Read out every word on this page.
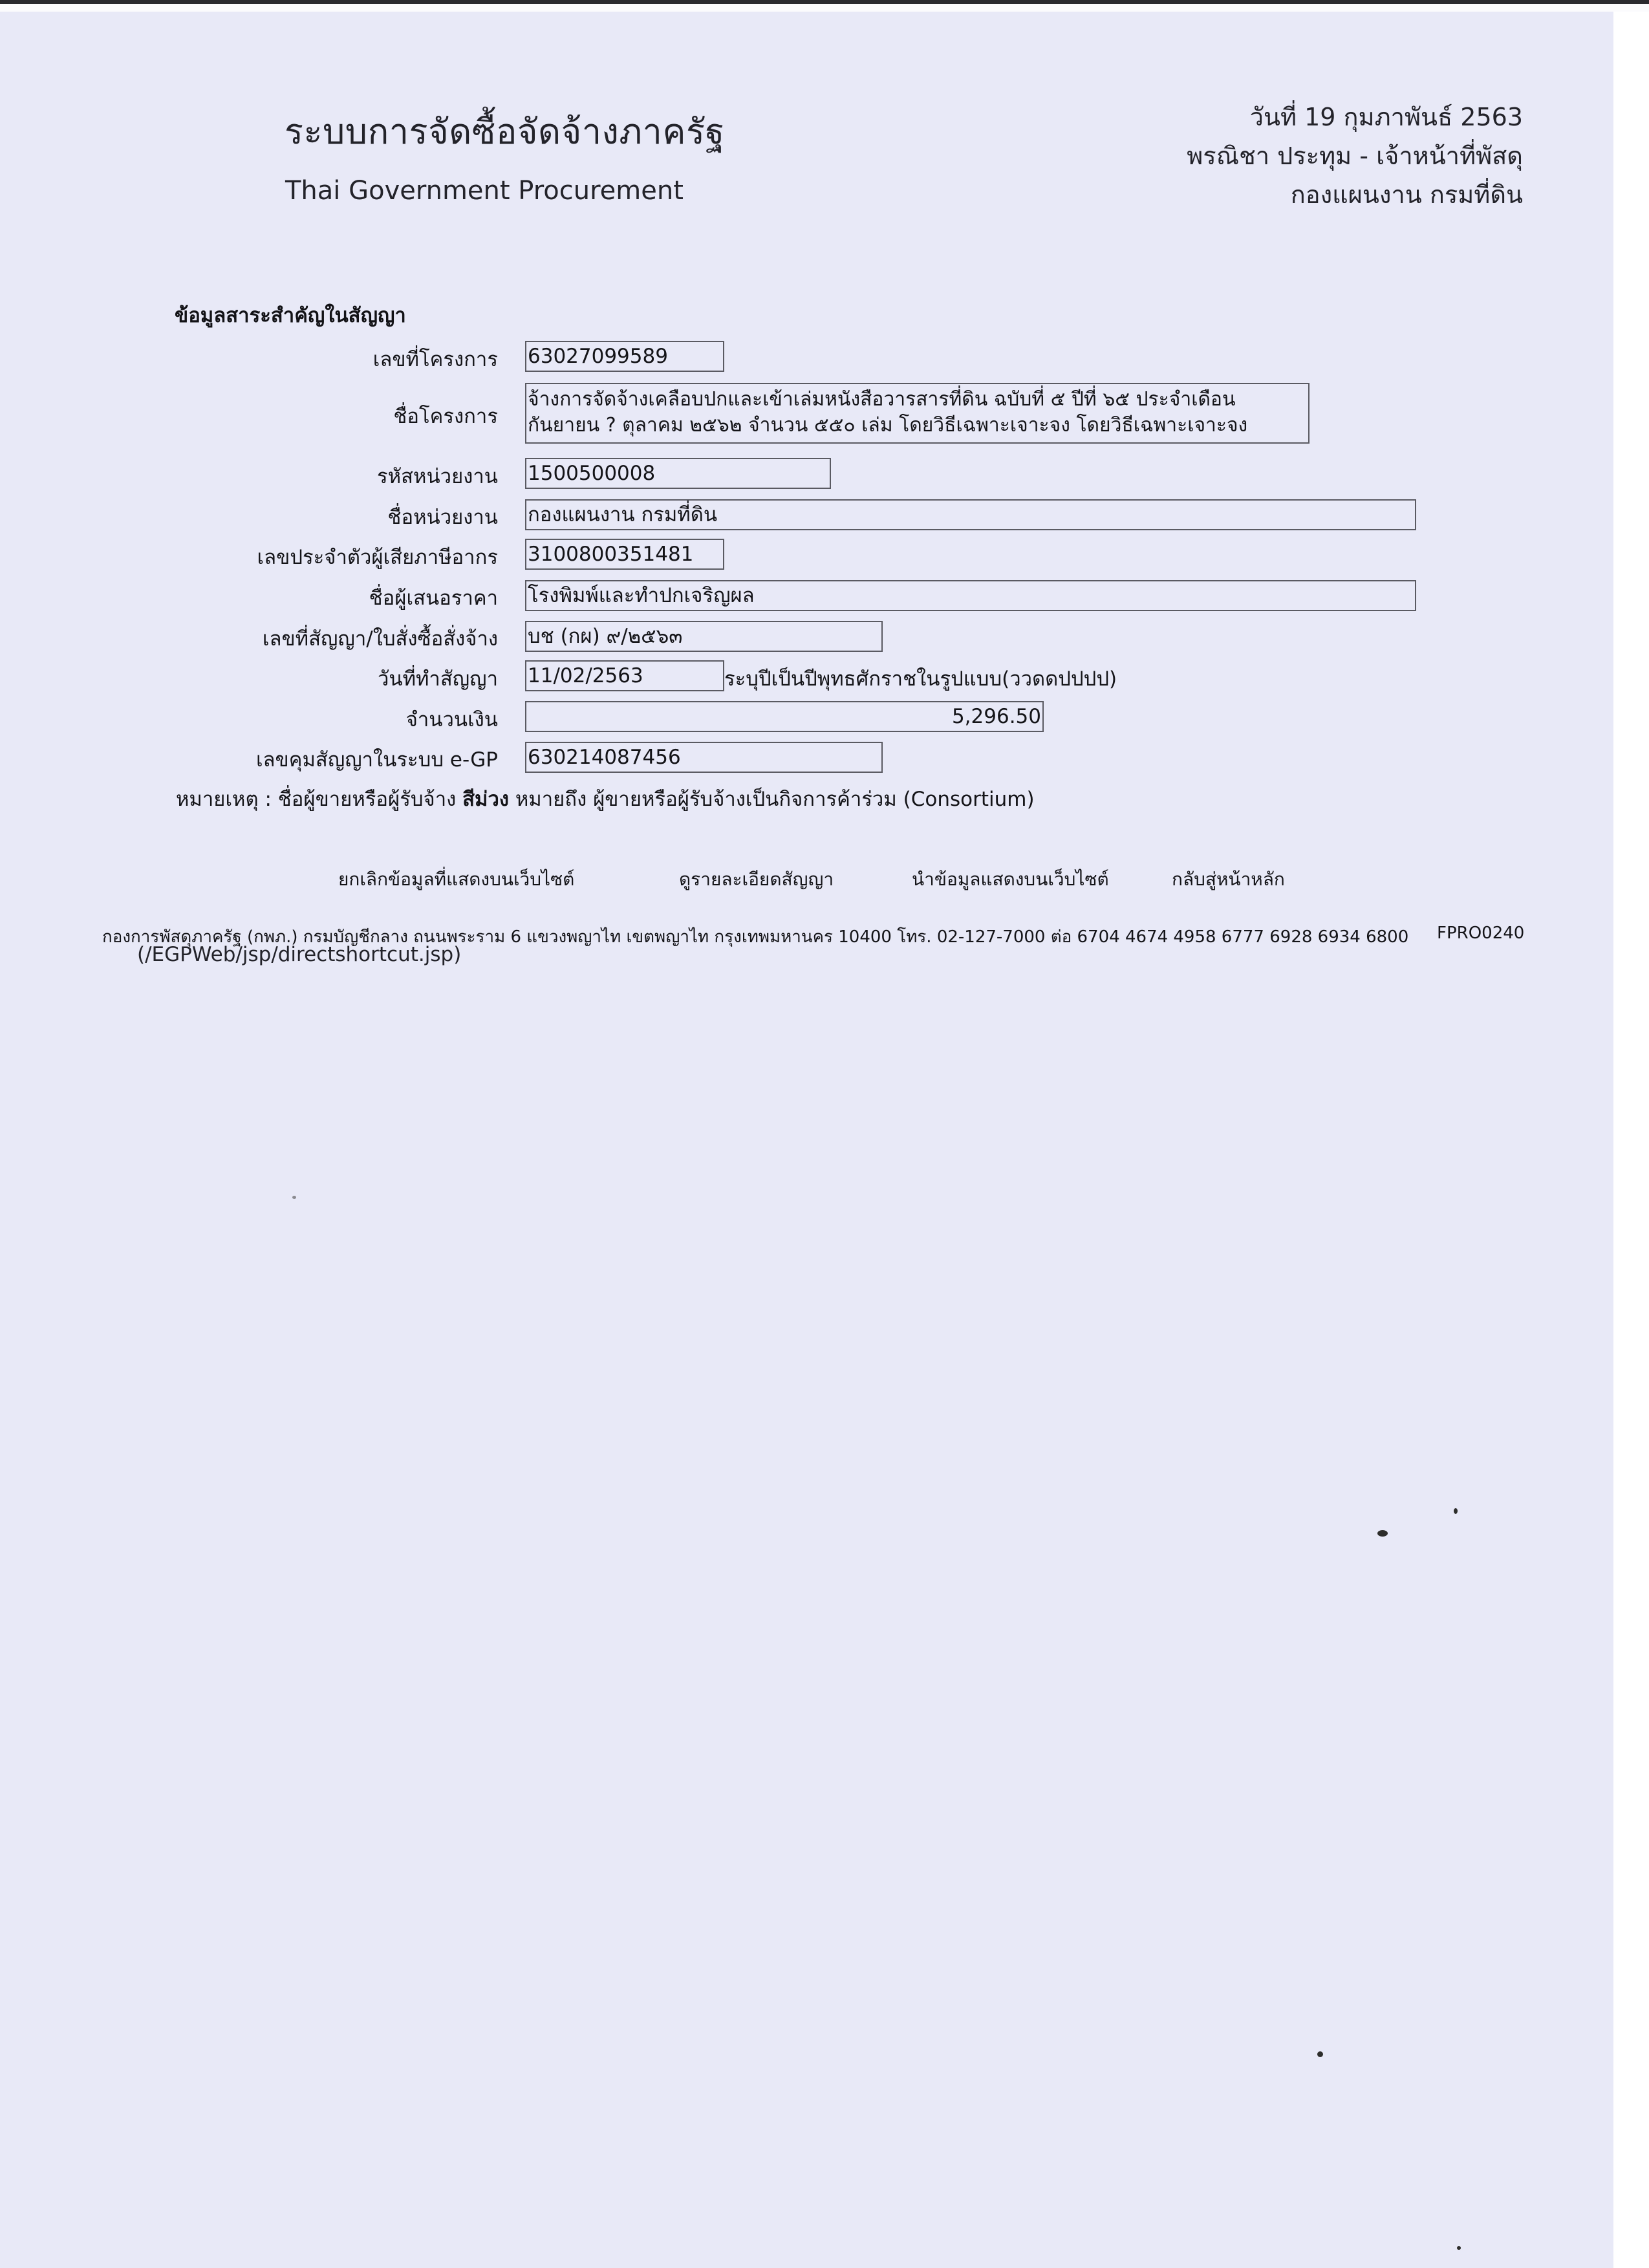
ระบบการจัดซื้อจัดจ้างภาครัฐ
Thai Government Procurement
วันที่ 19 กุมภาพันธ์ 2563
พรณิชา ประทุม - เจ้าหน้าที่พัสดุ
กองแผนงาน กรมที่ดิน
ข้อมูลสาระสำคัญในสัญญา
เลขที่โครงการ 63027099589
ชื่อโครงการ
จ้างการจัดจ้างเคลือบปกและเข้าเล่มหนังสือวารสารที่ดิน ฉบับที่ ๕ ปีที่ ๖๕ ประจำเดือน กันยายน ? ตุลาคม ๒๕๖๒ จำนวน ๕๕๐ เล่ม โดยวิธีเฉพาะเจาะจง โดยวิธีเฉพาะเจาะจง
รหัสหน่วยงาน 1500500008
ชื่อหน่วยงาน กองแผนงาน กรมที่ดิน
เลขประจำตัวผู้เสียภาษีอากร 3100800351481
ชื่อผู้เสนอราคา โรงพิมพ์และทำปกเจริญผล
เลขที่สัญญา/ใบสั่งซื้อสั่งจ้าง บช (กผ) ๙/๒๕๖๓
วันที่ทำสัญญา 11/02/2563	ระบุปีเป็นปีพุทธศักราชในรูปแบบ(ววดดปปปป)
จำนวนเงิน	5,296.50
เลขคุมสัญญาในระบบ e-GP 630214087456
หมายเหตุ : ชื่อผู้ขายหรือผู้รับจ้าง สีม่วง หมายถึง ผู้ขายหรือผู้รับจ้างเป็นกิจการค้าร่วม (Consortium)
ยกเลิกข้อมูลที่แสดงบนเว็บไซต์	ดูรายละเอียดสัญญา	นำข้อมูลแสดงบนเว็บไซต์	กลับสู่หน้าหลัก
กองการพัสดุภาครัฐ (กพภ.) กรมบัญชีกลาง ถนนพระราม 6 แขวงพญาไท เขตพญาไท กรุงเทพมหานคร 10400 โทร. 02-127-7000 ต่อ 6704 4674 4958 6777 6928 6934 6800 FPRO0240
(/EGPWeb/jsp/directshortcut.jsp)
